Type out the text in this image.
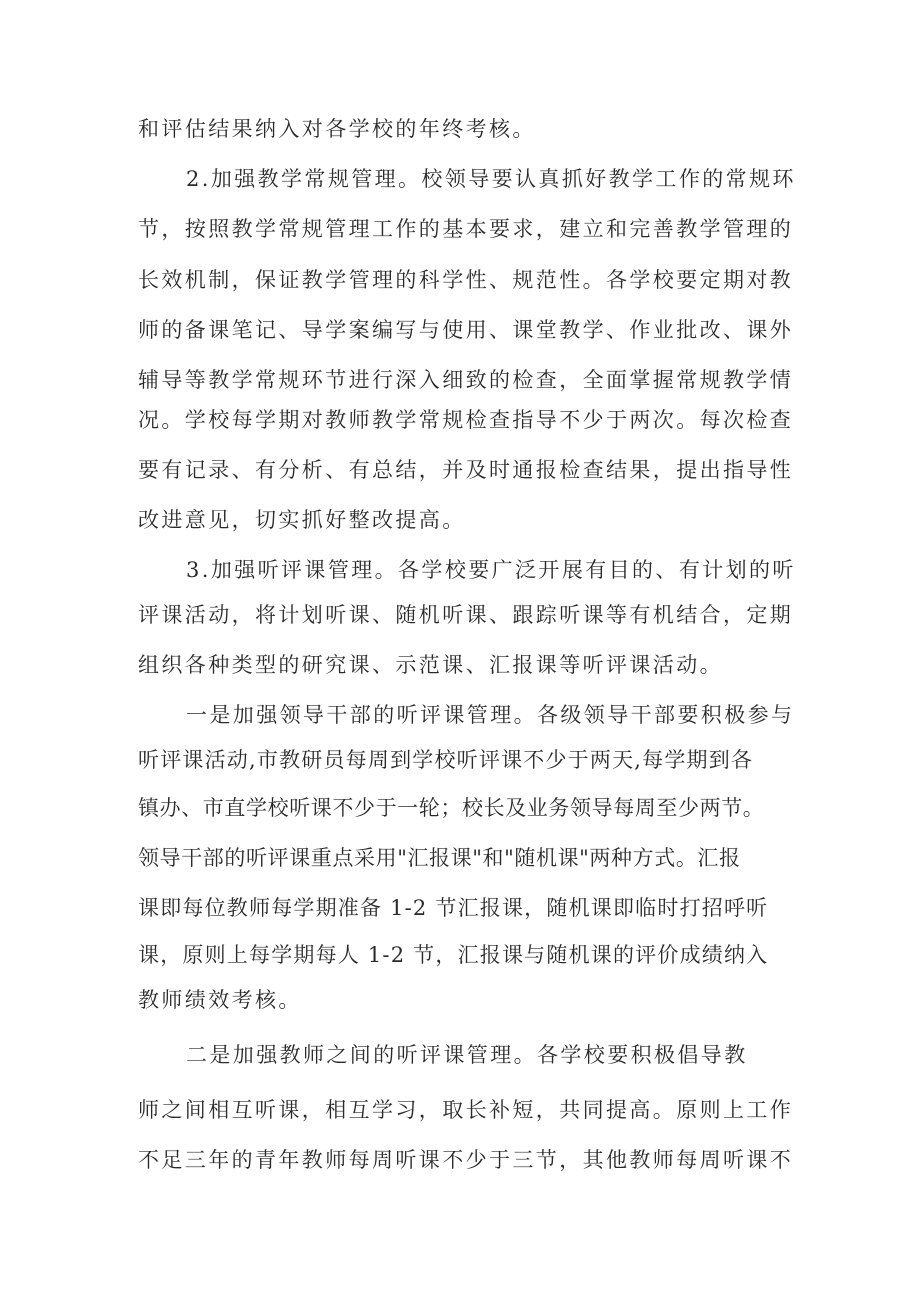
和评估结果纳入对各学校的年终考核。

2.加强教学常规管理。校领导要认真抓好教学工作的常规环

节，按照教学常规管理工作的基本要求，建立和完善教学管理的

长效机制，保证教学管理的科学性、规范性。各学校要定期对教

师的备课笔记、导学案编写与使用、课堂教学、作业批改、课外

辅导等教学常规环节进行深入细致的检查，全面掌握常规教学情

况。学校每学期对教师教学常规检查指导不少于两次。每次检查

要有记录、有分析、有总结，并及时通报检查结果，提出指导性

改进意见，切实抓好整改提高。

3.加强听评课管理。各学校要广泛开展有目的、有计划的听

评课活动，将计划听课、随机听课、跟踪听课等有机结合，定期

组织各种类型的研究课、示范课、汇报课等听评课活动。

一是加强领导干部的听评课管理。各级领导干部要积极参与

听评课活动,市教研员每周到学校听评课不少于两天,每学期到各

镇办、市直学校听课不少于一轮；校长及业务领导每周至少两节。

领导干部的听评课重点采用"汇报课"和"随机课"两种方式。汇报

课即每位教师每学期准备 1-2 节汇报课，随机课即临时打招呼听

课，原则上每学期每人 1-2 节，汇报课与随机课的评价成绩纳入

教师绩效考核。

二是加强教师之间的听评课管理。各学校要积极倡导教

师之间相互听课，相互学习，取长补短，共同提高。原则上工作

不足三年的青年教师每周听课不少于三节，其他教师每周听课不
